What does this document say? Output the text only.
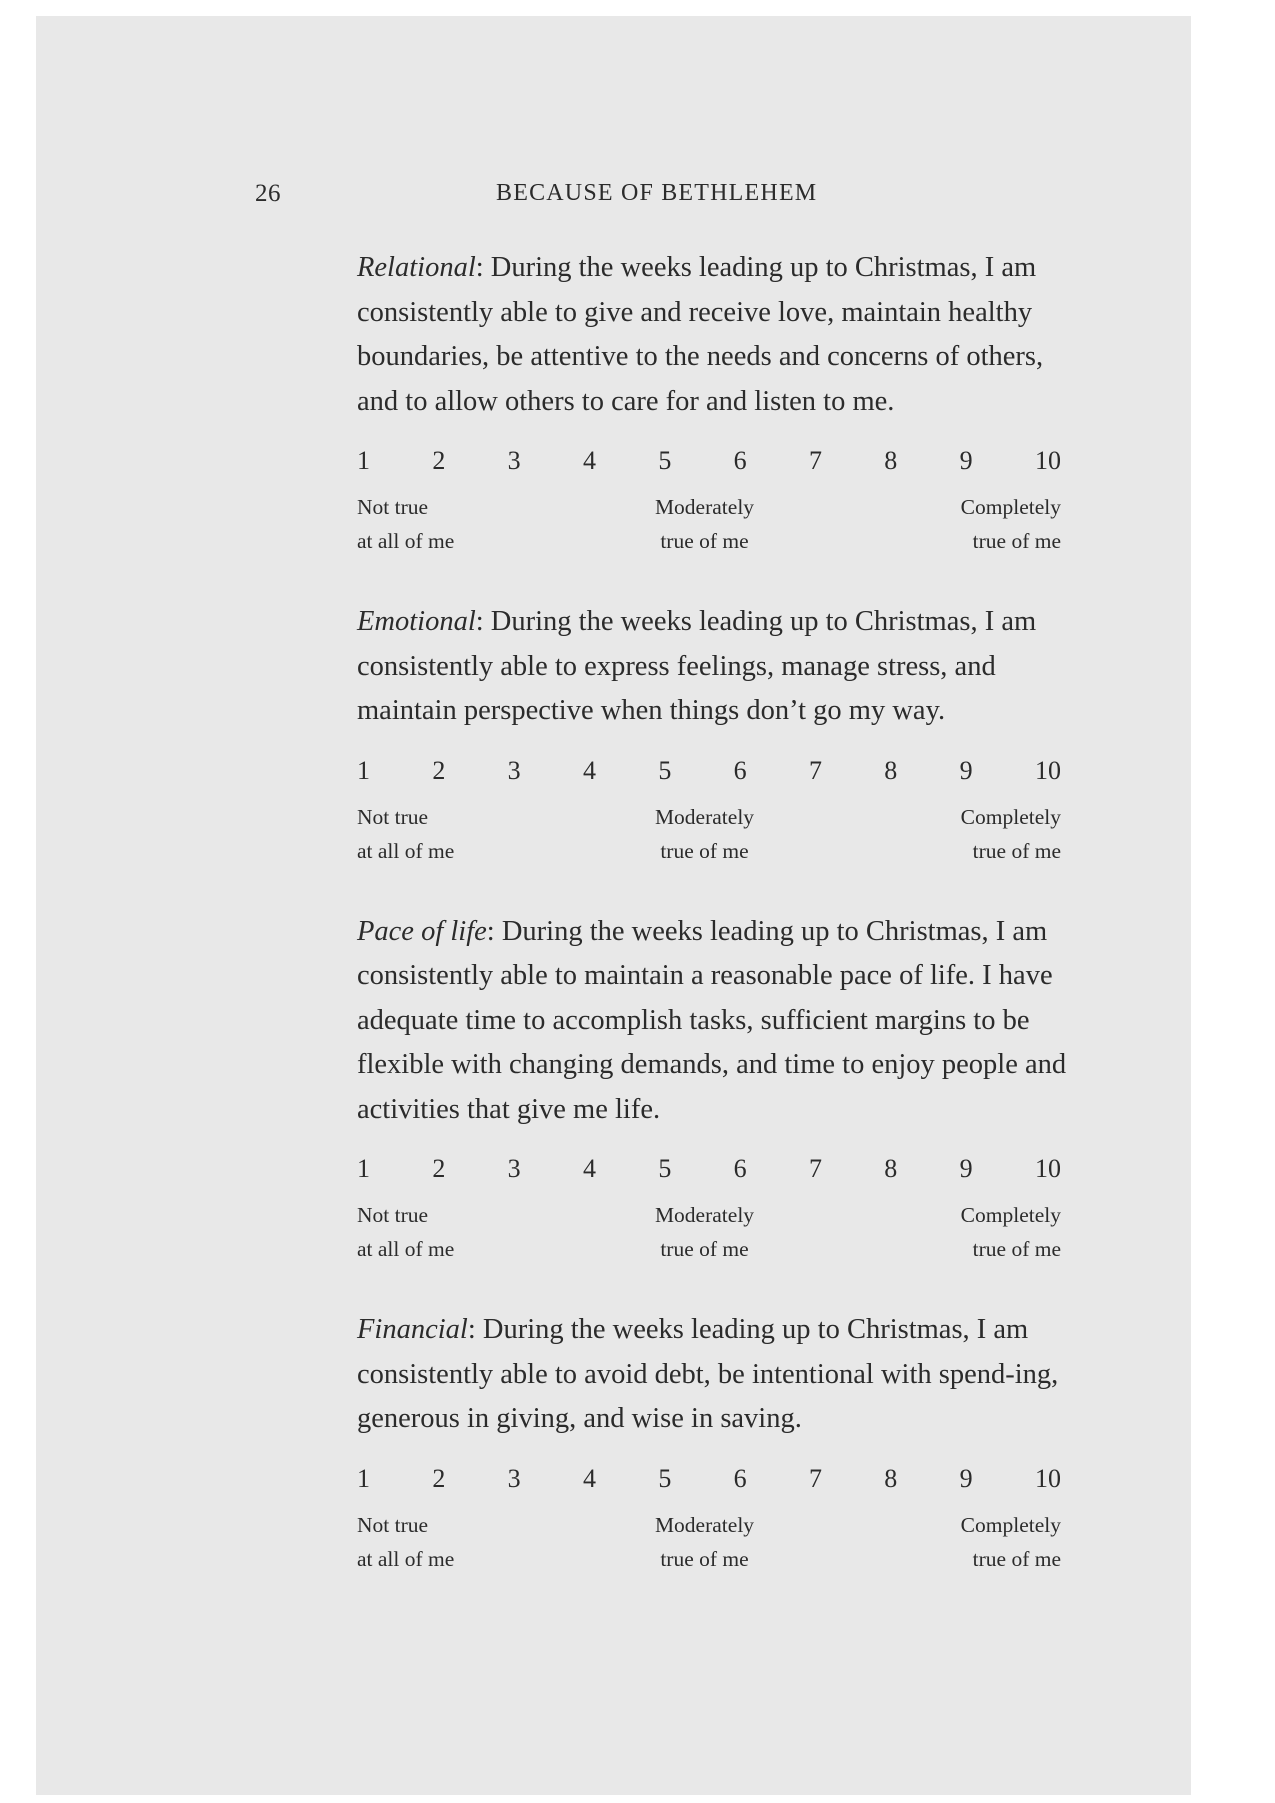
26	BECAUSE OF BETHLEHEM

Relational: During the weeks leading up to Christmas, I am consistently able to give and receive love, maintain healthy boundaries, be attentive to the needs and concerns of others, and to allow others to care for and listen to me.

1 2 3 4 5 6 7 8 9 10
Not true
at all of me
Moderately
true of me
Completely
true of me

Emotional: During the weeks leading up to Christmas, I am consistently able to express feelings, manage stress, and maintain perspective when things don’t go my way.

1 2 3 4 5 6 7 8 9 10
Not true
at all of me
Moderately
true of me
Completely
true of me

Pace of life: During the weeks leading up to Christmas, I am consistently able to maintain a reasonable pace of life. I have adequate time to accomplish tasks, sufficient margins to be flexible with changing demands, and time to enjoy people and activities that give me life.

1 2 3 4 5 6 7 8 9 10
Not true
at all of me
Moderately
true of me
Completely
true of me

Financial: During the weeks leading up to Christmas, I am consistently able to avoid debt, be intentional with spend-ing, generous in giving, and wise in saving.

1 2 3 4 5 6 7 8 9 10
Not true
at all of me
Moderately
true of me
Completely
true of me
